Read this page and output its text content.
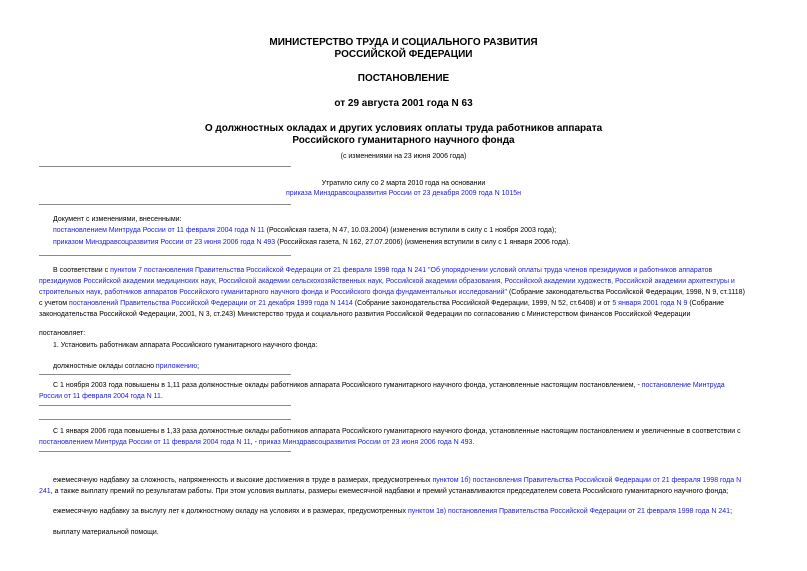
МИНИСТЕРСТВО ТРУДА И СОЦИАЛЬНОГО РАЗВИТИЯ
РОССИЙСКОЙ ФЕДЕРАЦИИ
ПОСТАНОВЛЕНИЕ
от 29 августа 2001 года N 63
О должностных окладах и других условиях оплаты труда работников аппарата
Российского гуманитарного научного фонда
(с изменениями на 23 июня 2006 года)
Утратило силу со 2 марта 2010 года на основании
приказа Минздравсоцразвития России от 23 декабря 2009 года N 1015н
Документ с изменениями, внесенными:
постановлением Минтруда России от 11 февраля 2004 года N 11 (Российская газета, N 47, 10.03.2004) (изменения вступили в силу с 1 ноября 2003 года);
приказом Минздравсоцразвития России от 23 июня 2006 года N 493 (Российская газета, N 162, 27.07.2006) (изменения вступили в силу с 1 января 2006 года).
В соответствии с пунктом 7 постановления Правительства Российской Федерации от 21 февраля 1998 года N 241 "Об упорядочении условий оплаты труда членов президиумов и работников аппаратов
президиумов Российской академии медицинских наук, Российской академии сельскохозяйственных наук, Российской академии образования, Российской академии художеств, Российской академии архитектуры и
строительных наук, работников аппаратов Российского гуманитарного научного фонда и Российского фонда фундаментальных исследований" (Собрание законодательства Российской Федерации, 1998, N 9, ст.1118)
с учетом постановлений Правительства Российской Федерации от 21 декабря 1999 года N 1414 (Собрание законодательства Российской Федерации, 1999, N 52, ст.6408) и от 5 января 2001 года N 9 (Собрание
законодательства Российской Федерации, 2001, N 3, ст.243) Министерство труда и социального развития Российской Федерации по согласованию с Министерством финансов Российской Федерации
постановляет:
1. Установить работникам аппарата Российского гуманитарного научного фонда:
должностные оклады согласно приложению;
С 1 ноября 2003 года повышены в 1,11 раза должностные оклады работников аппарата Российского гуманитарного научного фонда, установленные настоящим постановлением, - постановление Минтруда
России от 11 февраля 2004 года N 11.
С 1 января 2006 года повышены в 1,33 раза должностные оклады работников аппарата Российского гуманитарного научного фонда, установленные настоящим постановлением и увеличенные в соответствии с
постановлением Минтруда России от 11 февраля 2004 года N 11, - приказ Минздравсоцразвития России от 23 июня 2006 года N 493.
ежемесячную надбавку за сложность, напряженность и высокие достижения в труде в размерах, предусмотренных пунктом 1б) постановления Правительства Российской Федерации от 21 февраля 1998 года N
241, а также выплату премий по результатам работы. При этом условия выплаты, размеры ежемесячной надбавки и премий устанавливаются председателем совета Российского гуманитарного научного фонда;
ежемесячную надбавку за выслугу лет к должностному окладу на условиях и в размерах, предусмотренных пунктом 1в) постановления Правительства Российской Федерации от 21 февраля 1998 года N 241;
выплату материальной помощи.
